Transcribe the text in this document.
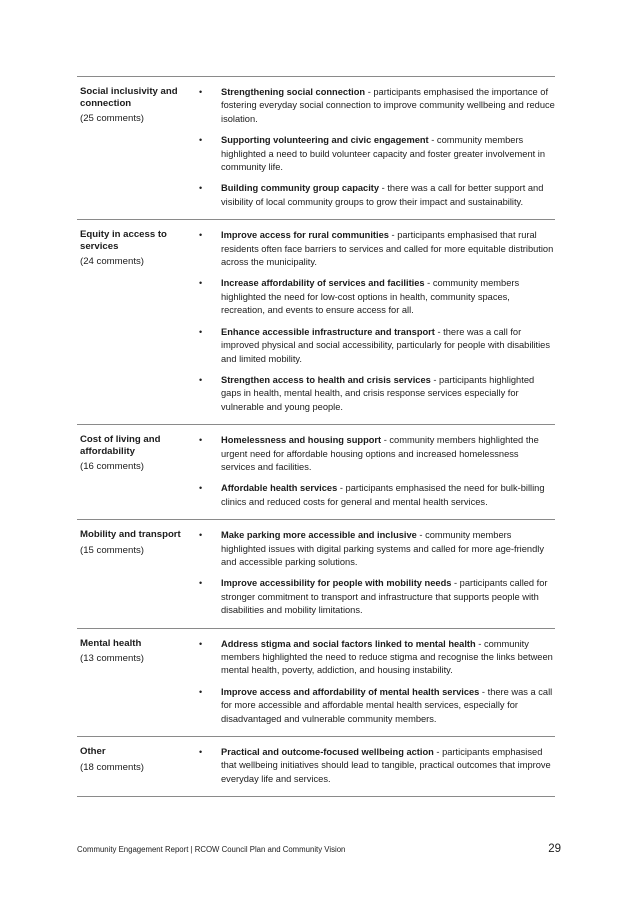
Social inclusivity and connection
(25 comments)
•	Strengthening social connection - participants emphasised the importance of fostering everyday social connection to improve community wellbeing and reduce isolation.
•	Supporting volunteering and civic engagement - community members highlighted a need to build volunteer capacity and foster greater involvement in community life.
•	Building community group capacity - there was a call for better support and visibility of local community groups to grow their impact and sustainability.
Equity in access to services
(24 comments)
•	Improve access for rural communities - participants emphasised that rural residents often face barriers to services and called for more equitable distribution across the municipality.
•	Increase affordability of services and facilities - community members highlighted the need for low-cost options in health, community spaces, recreation, and events to ensure access for all.
•	Enhance accessible infrastructure and transport - there was a call for improved physical and social accessibility, particularly for people with disabilities and limited mobility.
•	Strengthen access to health and crisis services - participants highlighted gaps in health, mental health, and crisis response services especially for vulnerable and young people.
Cost of living and affordability
(16 comments)
•	Homelessness and housing support - community members highlighted the urgent need for affordable housing options and increased homelessness services and facilities.
•	Affordable health services - participants emphasised the need for bulk-billing clinics and reduced costs for general and mental health services.
Mobility and transport
(15 comments)
•	Make parking more accessible and inclusive - community members highlighted issues with digital parking systems and called for more age-friendly and accessible parking solutions.
•	Improve accessibility for people with mobility needs - participants called for stronger commitment to transport and infrastructure that supports people with disabilities and mobility limitations.
Mental health
(13 comments)
•	Address stigma and social factors linked to mental health - community members highlighted the need to reduce stigma and recognise the links between mental health, poverty, addiction, and housing instability.
•	Improve access and affordability of mental health services - there was a call for more accessible and affordable mental health services, especially for disadvantaged and vulnerable community members.
Other
(18 comments)
•	Practical and outcome-focused wellbeing action - participants emphasised that wellbeing initiatives should lead to tangible, practical outcomes that improve everyday life and services.
Community Engagement Report | RCOW Council Plan and Community Vision	29
